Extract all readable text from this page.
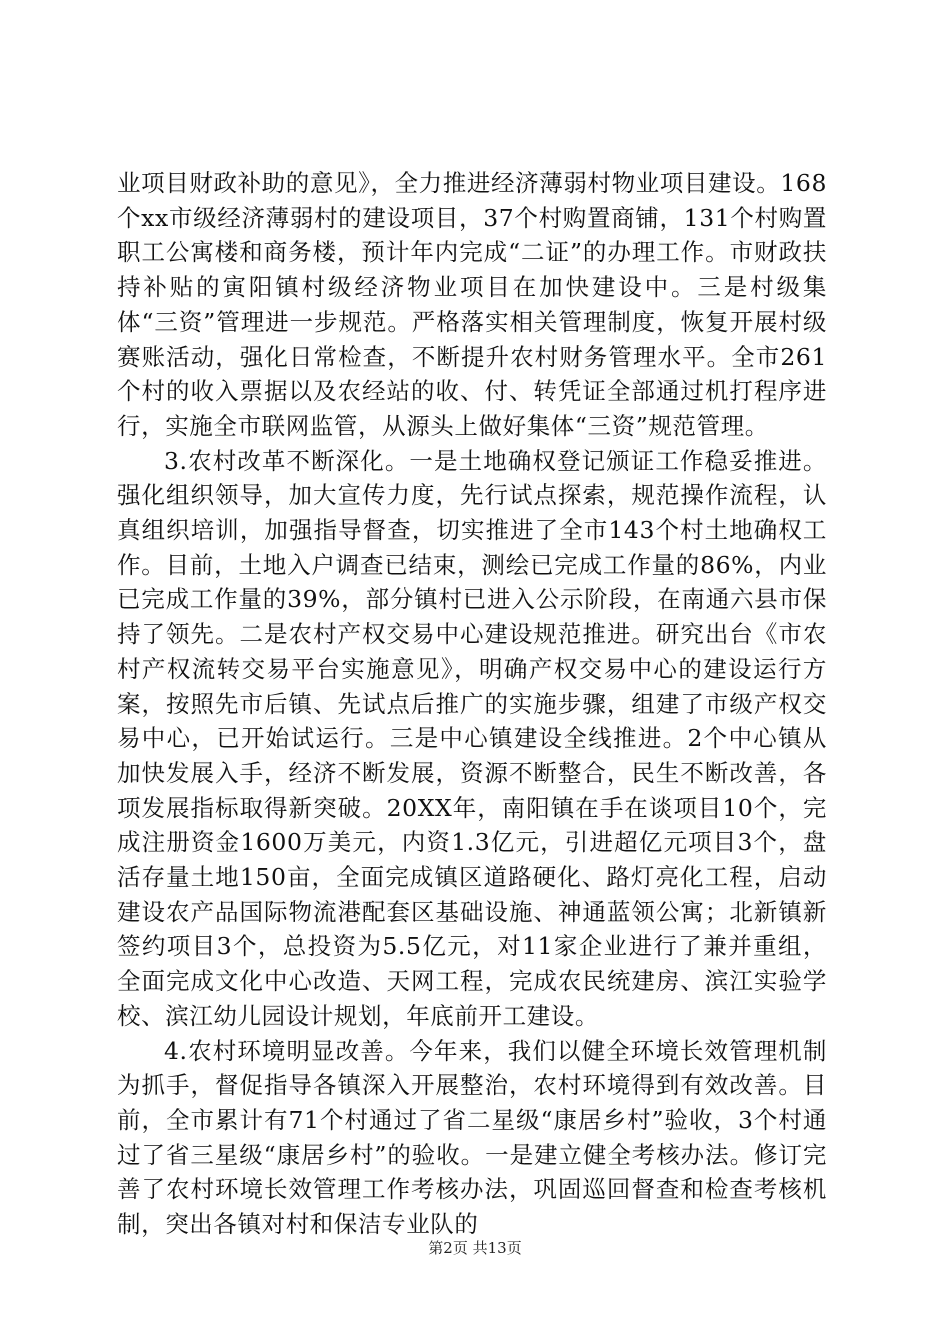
业项目财政补助的意见》，全力推进经济薄弱村物业项目建设。168个xx市级经济薄弱村的建设项目，37个村购置商铺，131个村购置职工公寓楼和商务楼，预计年内完成“二证”的办理工作。市财政扶持补贴的寅阳镇村级经济物业项目在加快建设中。三是村级集体“三资”管理进一步规范。严格落实相关管理制度，恢复开展村级赛账活动，强化日常检查，不断提升农村财务管理水平。全市261个村的收入票据以及农经站的收、付、转凭证全部通过机打程序进行，实施全市联网监管，从源头上做好集体“三资”规范管理。

3.农村改革不断深化。一是土地确权登记颁证工作稳妥推进。强化组织领导，加大宣传力度，先行试点探索，规范操作流程，认真组织培训，加强指导督查，切实推进了全市143个村土地确权工作。目前，土地入户调查已结束，测绘已完成工作量的86%，内业已完成工作量的39%，部分镇村已进入公示阶段，在南通六县市保持了领先。二是农村产权交易中心建设规范推进。研究出台《市农村产权流转交易平台实施意见》，明确产权交易中心的建设运行方案，按照先市后镇、先试点后推广的实施步骤，组建了市级产权交易中心，已开始试运行。三是中心镇建设全线推进。2个中心镇从加快发展入手，经济不断发展，资源不断整合，民生不断改善，各项发展指标取得新突破。20XX年，南阳镇在手在谈项目10个，完成注册资金1600万美元，内资1.3亿元，引进超亿元项目3个，盘活存量土地150亩，全面完成镇区道路硬化、路灯亮化工程，启动建设农产品国际物流港配套区基础设施、神通蓝领公寓；北新镇新签约项目3个，总投资为5.5亿元，对11家企业进行了兼并重组，全面完成文化中心改造、天网工程，完成农民统建房、滨江实验学校、滨江幼儿园设计规划，年底前开工建设。

4.农村环境明显改善。今年来，我们以健全环境长效管理机制为抓手，督促指导各镇深入开展整治，农村环境得到有效改善。目前，全市累计有71个村通过了省二星级“康居乡村”验收，3个村通过了省三星级“康居乡村”的验收。一是建立健全考核办法。修订完善了农村环境长效管理工作考核办法，巩固巡回督查和检查考核机制，突出各镇对村和保洁专业队的

第2页 共13页
